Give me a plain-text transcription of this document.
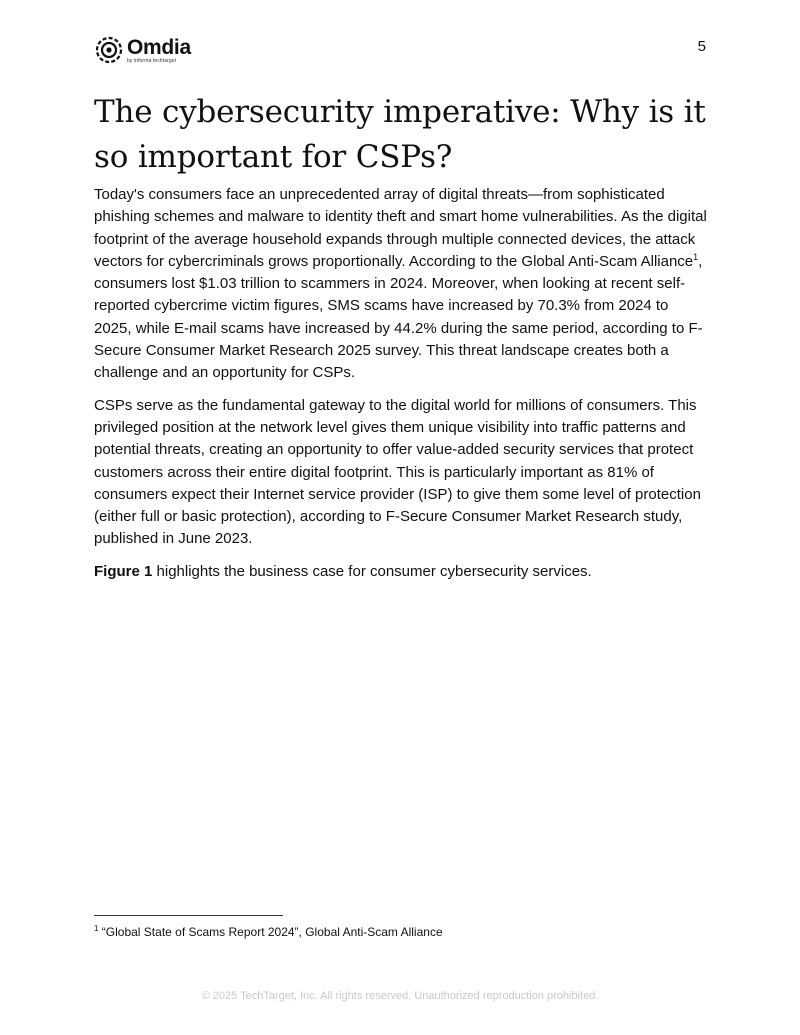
Omdia
by informa techtarget
5
The cybersecurity imperative: Why is it so important for CSPs?

Today's consumers face an unprecedented array of digital threats—from sophisticated phishing schemes and malware to identity theft and smart home vulnerabilities. As the digital footprint of the average household expands through multiple connected devices, the attack vectors for cybercriminals grows proportionally. According to the Global Anti-Scam Alliance$^1$, consumers lost $1.03 trillion to scammers in 2024. Moreover, when looking at recent self-reported cybercrime victim figures, SMS scams have increased by 70.3% from 2024 to 2025, while E-mail scams have increased by 44.2% during the same period, according to F-Secure Consumer Market Research 2025 survey. This threat landscape creates both a challenge and an opportunity for CSPs.

CSPs serve as the fundamental gateway to the digital world for millions of consumers. This privileged position at the network level gives them unique visibility into traffic patterns and potential threats, creating an opportunity to offer value-added security services that protect customers across their entire digital footprint. This is particularly important as 81% of consumers expect their Internet service provider (ISP) to give them some level of protection (either full or basic protection), according to F-Secure Consumer Market Research study, published in June 2023.

Figure 1 highlights the business case for consumer cybersecurity services.

$^1$ “Global State of Scams Report 2024”, Global Anti-Scam Alliance
© 2025 TechTarget, Inc. All rights reserved. Unauthorized reproduction prohibited.
